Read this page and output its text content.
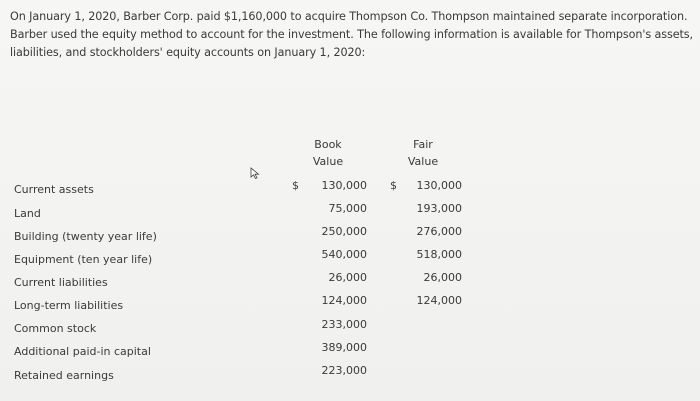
On January 1, 2020, Barber Corp. paid $1,160,000 to acquire Thompson Co. Thompson maintained separate incorporation. Barber used the equity method to account for the investment. The following information is available for Thompson's assets, liabilities, and stockholders' equity accounts on January 1, 2020:

Book
Value
Fair
Value
$	$
Current assets	130,000	130,000
Land	75,000	193,000
Building (twenty year life)	250,000	276,000
Equipment (ten year life)	540,000	518,000
Current liabilities	26,000	26,000
Long-term liabilities	124,000	124,000
Common stock	233,000
Additional paid-in capital	389,000
Retained earnings	223,000
